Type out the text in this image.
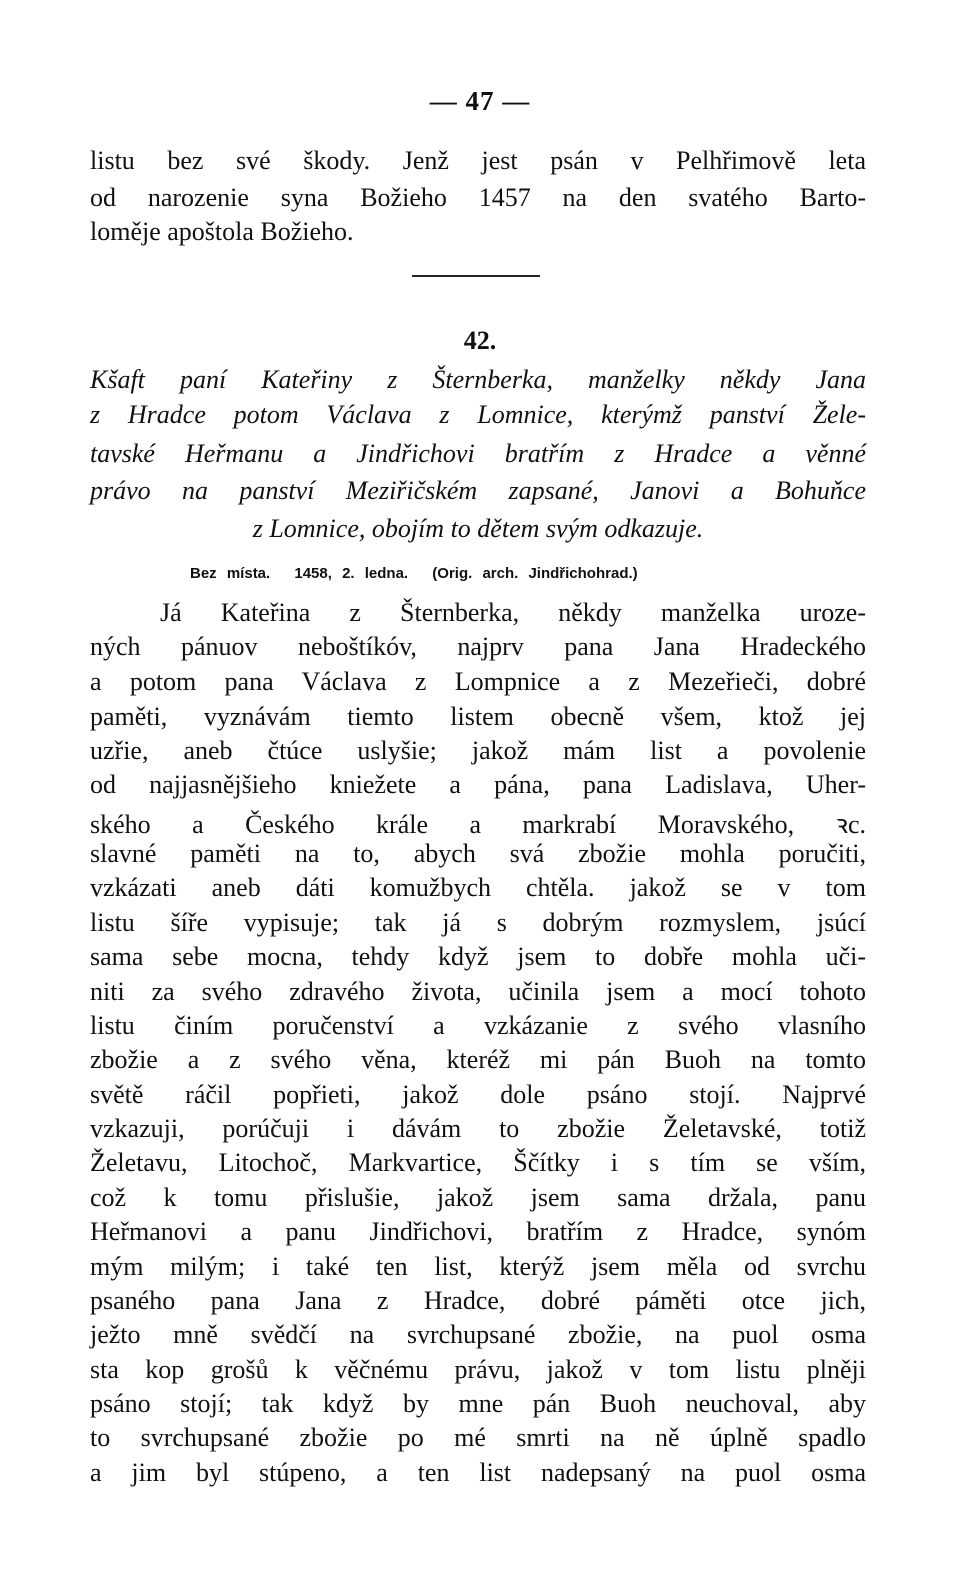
— 47 —
listu bez své škody. Jenž jest psán v Pelhřimově leta
od narozenie syna Božieho 1457 na den svatého Barto-
loměje apoštola Božieho.
42.
Kšaft paní Kateřiny z Šternberka, manželky někdy Jana
z Hradce potom Václava z Lomnice, kterýmž panství Žele-
tavské Heřmanu a Jindřichovi bratřím z Hradce a věnné
právo na panství Meziřičském zapsané, Janovi a Bohuňce
z Lomnice, obojím to dětem svým odkazuje.
Bez místa. 1458, 2. ledna. (Orig. arch. Jindřichohrad.)
Já Kateřina z Šternberka, někdy manželka uroze-
ných pánuov neboštíkóv, najprv pana Jana Hradeckého
a potom pana Václava z Lompnice a z Mezeřieči, dobré
paměti, vyznávám tiemto listem obecně všem, ktož jej
uzřie, aneb čtúce uslyšie; jakož mám list a povolenie
od najjasnějšieho kniežete a pána, pana Ladislava, Uher-
ského a Českého krále a markrabí Moravského, ꝛc.
slavné paměti na to, abych svá zbožie mohla poručiti,
vzkázati aneb dáti komužbych chtěla. jakož se v tom
listu šíře vypisuje; tak já s dobrým rozmyslem, jsúcí
sama sebe mocna, tehdy když jsem to dobře mohla uči-
niti za svého zdravého života, učinila jsem a mocí tohoto
listu činím poručenství a vzkázanie z svého vlasního
zbožie a z svého věna, kteréž mi pán Buoh na tomto
světě ráčil popřieti, jakož dole psáno stojí. Najprvé
vzkazuji, porúčuji i dávám to zbožie Želetavské, totiž
Želetavu, Litochoč, Markvartice, Ščítky i s tím se vším,
což k tomu přislušie, jakož jsem sama držala, panu
Heřmanovi a panu Jindřichovi, bratřím z Hradce, synóm
mým milým; i také ten list, kterýž jsem měla od svrchu
psaného pana Jana z Hradce, dobré páměti otce jich,
ježto mně svědčí na svrchupsané zbožie, na puol osma
sta kop grošů k věčnému právu, jakož v tom listu plněji
psáno stojí; tak když by mne pán Buoh neuchoval, aby
to svrchupsané zbožie po mé smrti na ně úplně spadlo
a jim byl stúpeno, a ten list nadepsaný na puol osma
